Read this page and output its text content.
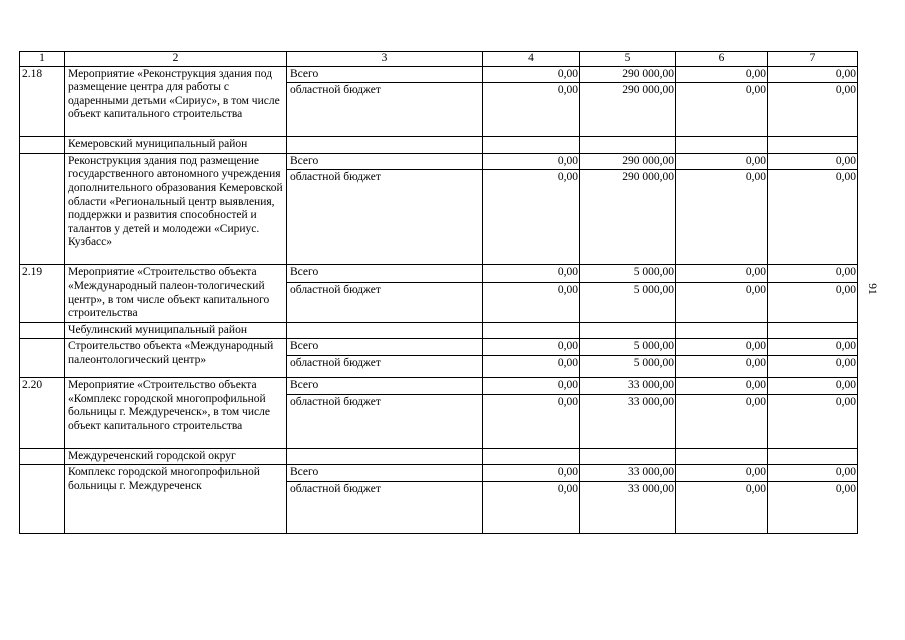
1	2	3	4	5	6	7
2.18	Мероприятие «Реконструкция здания под размещение центра для работы с одаренными детьми «Сириус», в том числе объект капитального строительства	Всего	0,00	290 000,00	0,00	0,00
		областной бюджет	0,00	290 000,00	0,00	0,00
	Кемеровский муниципальный район					
	Реконструкция здания под размещение государственного автономного учреждения дополнительного образования Кемеровской области «Региональный центр выявления, поддержки и развития способностей и талантов у детей и молодежи «Сириус. Кузбасс»	Всего	0,00	290 000,00	0,00	0,00
		областной бюджет	0,00	290 000,00	0,00	0,00
2.19	Мероприятие «Строительство объекта «Международный палеон-тологический центр», в том числе объект капитального строительства	Всего	0,00	5 000,00	0,00	0,00
		областной бюджет	0,00	5 000,00	0,00	0,00
	Чебулинский муниципальный район					
	Строительство объекта «Международный палеонтологический центр»	Всего	0,00	5 000,00	0,00	0,00
		областной бюджет	0,00	5 000,00	0,00	0,00
2.20	Мероприятие «Строительство объекта «Комплекс городской многопрофильной больницы г. Междуреченск», в том числе объект капитального строительства	Всего	0,00	33 000,00	0,00	0,00
		областной бюджет	0,00	33 000,00	0,00	0,00
	Междуреченский городской округ					
	Комплекс городской многопрофильной больницы г. Междуреченск	Всего	0,00	33 000,00	0,00	0,00
		областной бюджет	0,00	33 000,00	0,00	0,00
91
